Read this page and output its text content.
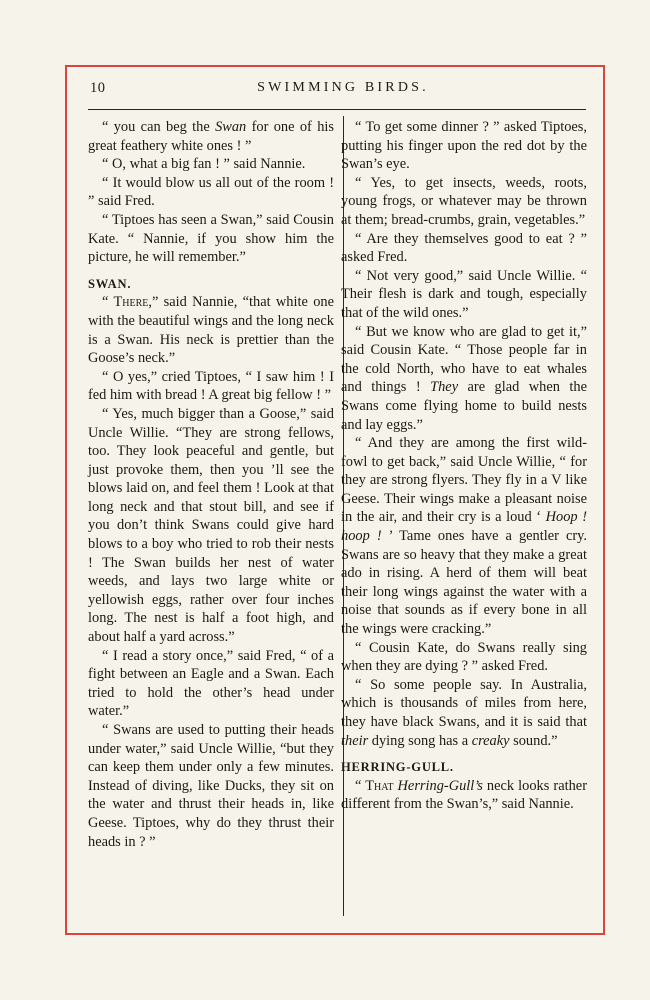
10	SWIMMING BIRDS.

“ you can beg the Swan for one of his great feathery white ones ! ”

“ O, what a big fan ! ” said Nannie.

“ It would blow us all out of the room ! ” said Fred.

“ Tiptoes has seen a Swan,” said Cousin Kate. “ Nannie, if you show him the picture, he will remember.”

SWAN.

“ There,” said Nannie, “that white one with the beautiful wings and the long neck is a Swan. His neck is prettier than the Goose’s neck.”

“ O yes,” cried Tiptoes, “ I saw him ! I fed him with bread ! A great big fellow ! ”

“ Yes, much bigger than a Goose,” said Uncle Willie. “They are strong fellows, too. They look peaceful and gentle, but just provoke them, then you ’ll see the blows laid on, and feel them ! Look at that long neck and that stout bill, and see if you don’t think Swans could give hard blows to a boy who tried to rob their nests ! The Swan builds her nest of water weeds, and lays two large white or yellowish eggs, rather over four inches long. The nest is half a foot high, and about half a yard across.”

“ I read a story once,” said Fred, “ of a fight between an Eagle and a Swan. Each tried to hold the other’s head under water.”

“ Swans are used to putting their heads under water,” said Uncle Willie, “but they can keep them under only a few minutes. Instead of diving, like Ducks, they sit on the water and thrust their heads in, like Geese. Tiptoes, why do they thrust their heads in ? ”

“ To get some dinner ? ” asked Tiptoes, putting his finger upon the red dot by the Swan’s eye.

“ Yes, to get insects, weeds, roots, young frogs, or whatever may be thrown at them; bread-crumbs, grain, vegetables.”

“ Are they themselves good to eat ? ” asked Fred.

“ Not very good,” said Uncle Willie. “ Their flesh is dark and tough, especially that of the wild ones.”

“ But we know who are glad to get it,” said Cousin Kate. “ Those people far in the cold North, who have to eat whales and things ! They are glad when the Swans come flying home to build nests and lay eggs.”

“ And they are among the first wild-fowl to get back,” said Uncle Willie, “ for they are strong flyers. They fly in a V like Geese. Their wings make a pleasant noise in the air, and their cry is a loud ‘ Hoop ! hoop ! ’ Tame ones have a gentler cry. Swans are so heavy that they make a great ado in rising. A herd of them will beat their long wings against the water with a noise that sounds as if every bone in all the wings were cracking.”

“ Cousin Kate, do Swans really sing when they are dying ? ” asked Fred.

“ So some people say. In Australia, which is thousands of miles from here, they have black Swans, and it is said that their dying song has a creaky sound.”

HERRING-GULL.

“ That Herring-Gull’s neck looks rather different from the Swan’s,” said Nannie.
